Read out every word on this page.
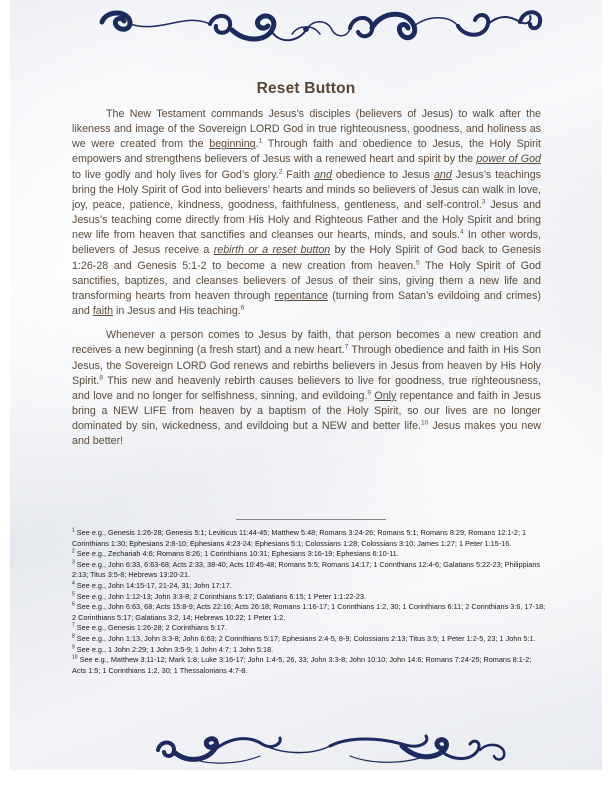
Reset Button

The New Testament commands Jesus’s disciples (believers of Jesus) to walk after the likeness and image of the Sovereign LORD God in true righteousness, goodness, and holiness as we were created from the beginning.$^1$ Through faith and obedience to Jesus, the Holy Spirit empowers and strengthens believers of Jesus with a renewed heart and spirit by the power of God to live godly and holy lives for God’s glory.$^2$ Faith and obedience to Jesus and Jesus’s teachings bring the Holy Spirit of God into believers’ hearts and minds so believers of Jesus can walk in love, joy, peace, patience, kindness, goodness, faithfulness, gentleness, and self-control.$^3$ Jesus and Jesus’s teaching come directly from His Holy and Righteous Father and the Holy Spirit and bring new life from heaven that sanctifies and cleanses our hearts, minds, and souls.$^4$ In other words, believers of Jesus receive a rebirth or a reset button by the Holy Spirit of God back to Genesis 1:26-28 and Genesis 5:1-2 to become a new creation from heaven.$^5$ The Holy Spirit of God sanctifies, baptizes, and cleanses believers of Jesus of their sins, giving them a new life and transforming hearts from heaven through repentance (turning from Satan’s evildoing and crimes) and faith in Jesus and His teaching.$^6$

Whenever a person comes to Jesus by faith, that person becomes a new creation and receives a new beginning (a fresh start) and a new heart.$^7$ Through obedience and faith in His Son Jesus, the Sovereign LORD God renews and rebirths believers in Jesus from heaven by His Holy Spirit.$^8$ This new and heavenly rebirth causes believers to live for goodness, true righteousness, and love and no longer for selfishness, sinning, and evildoing.$^9$ Only repentance and faith in Jesus bring a NEW LIFE from heaven by a baptism of the Holy Spirit, so our lives are no longer dominated by sin, wickedness, and evildoing but a NEW and better life.$^{10}$ Jesus makes you new and better!

$^1$ See e.g., Genesis 1:26-28; Genesis 5:1; Leviticus 11:44-45; Matthew 5:48; Romans 3:24-26; Romans 5:1; Romans 8:29; Romans 12:1-2; 1 Corinthians 1:30; Ephesians 2:8-10; Ephesians 4:23-24; Ephesians 5:1; Colossians 1:28; Colossians 3:10; James 1:27; 1 Peter 1:15-16.

$^2$ See e.g., Zechariah 4:6; Romans 8:26; 1 Corinthians 10:31; Ephesians 3:16-19; Ephesians 6:10-11.

$^3$ See e.g., John 6:33, 6:63-68; Acts 2:33, 38-40; Acts 10:45-48; Romans 5:5; Romans 14:17; 1 Corinthians 12:4-6; Galatians 5:22-23; Philippians 2:13; Titus 3:5-8; Hebrews 13:20-21.

$^4$ See e.g., John 14:15-17, 21-24, 31; John 17:17.

$^5$ See e.g., John 1:12-13; John 3:3-8; 2 Corinthians 5:17; Galatians 6:15; 1 Peter 1:1:22-23.

$^6$ See e.g., John 6:63, 68; Acts 15:8-9; Acts 22:16; Acts 26:18; Romans 1:16-17; 1 Corinthians 1:2, 30; 1 Corinthians 6:11; 2 Corinthians 3:6, 17-18; 2 Corinthians 5:17; Galatians 3:2, 14; Hebrews 10:22; 1 Peter 1:2.

$^7$ See e.g., Genesis 1:26-28; 2 Corinthians 5:17.

$^8$ See e.g., John 1:13, John 3:3-8; John 6:63; 2 Corinthians 5:17; Ephesians 2:4-5, 8-9; Colossians 2:13; Titus 3:5; 1 Peter 1:2-5, 23; 1 John 5:1.

$^9$ See e.g., 1 John 2:29; 1 John 3:5-9; 1 John 4:7; 1 John 5:18.

$^{10}$ See e.g., Matthew 3:11-12; Mark 1:8; Luke 3:16-17; John 1:4-5, 26, 33; John 3:3-8; John 10:10; John 14:6; Romans 7:24-25; Romans 8:1-2; Acts 1:5; 1 Corinthians 1:2, 30; 1 Thessalonians 4:7-8.
